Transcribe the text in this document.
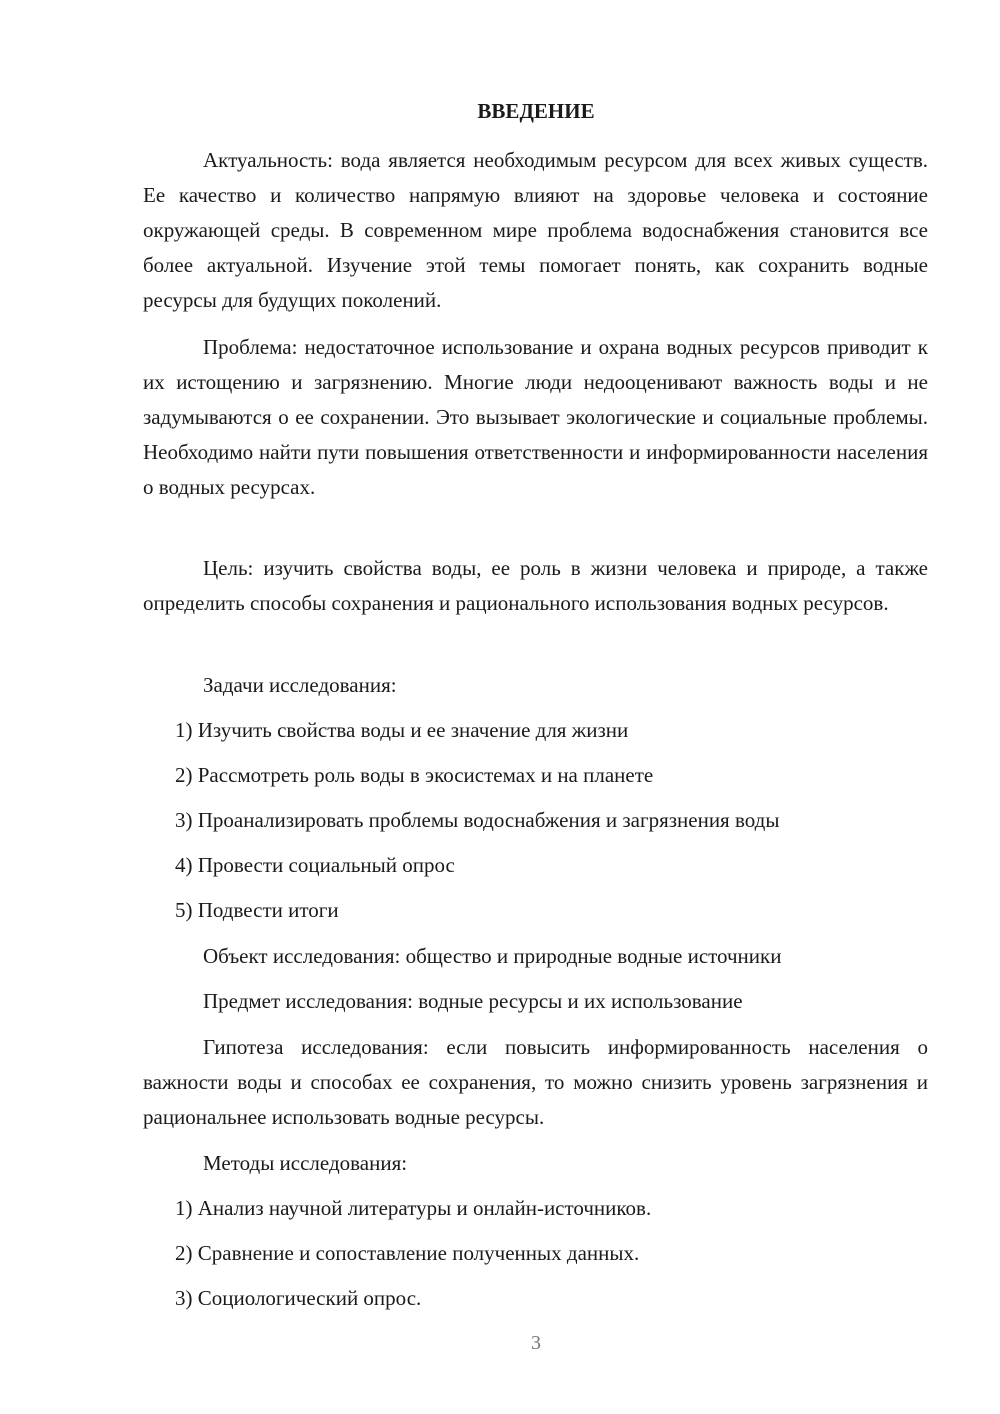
ВВЕДЕНИЕ
Актуальность: вода является необходимым ресурсом для всех живых существ. Ее качество и количество напрямую влияют на здоровье человека и состояние окружающей среды. В современном мире проблема водоснабжения становится все более актуальной. Изучение этой темы помогает понять, как сохранить водные ресурсы для будущих поколений.
Проблема: недостаточное использование и охрана водных ресурсов приводит к их истощению и загрязнению. Многие люди недооценивают важность воды и не задумываются о ее сохранении. Это вызывает экологические и социальные проблемы. Необходимо найти пути повышения ответственности и информированности населения о водных ресурсах.
Цель: изучить свойства воды, ее роль в жизни человека и природе, а также определить способы сохранения и рационального использования водных ресурсов.
Задачи исследования:
1) Изучить свойства воды и ее значение для жизни
2) Рассмотреть роль воды в экосистемах и на планете
3) Проанализировать проблемы водоснабжения и загрязнения воды
4) Провести социальный опрос
5) Подвести итоги
Объект исследования: общество и природные водные источники
Предмет исследования: водные ресурсы и их использование
Гипотеза исследования: если повысить информированность населения о важности воды и способах ее сохранения, то можно снизить уровень загрязнения и рациональнее использовать водные ресурсы.
Методы исследования:
1) Анализ научной литературы и онлайн-источников.
2) Сравнение и сопоставление полученных данных.
3) Социологический опрос.
3
